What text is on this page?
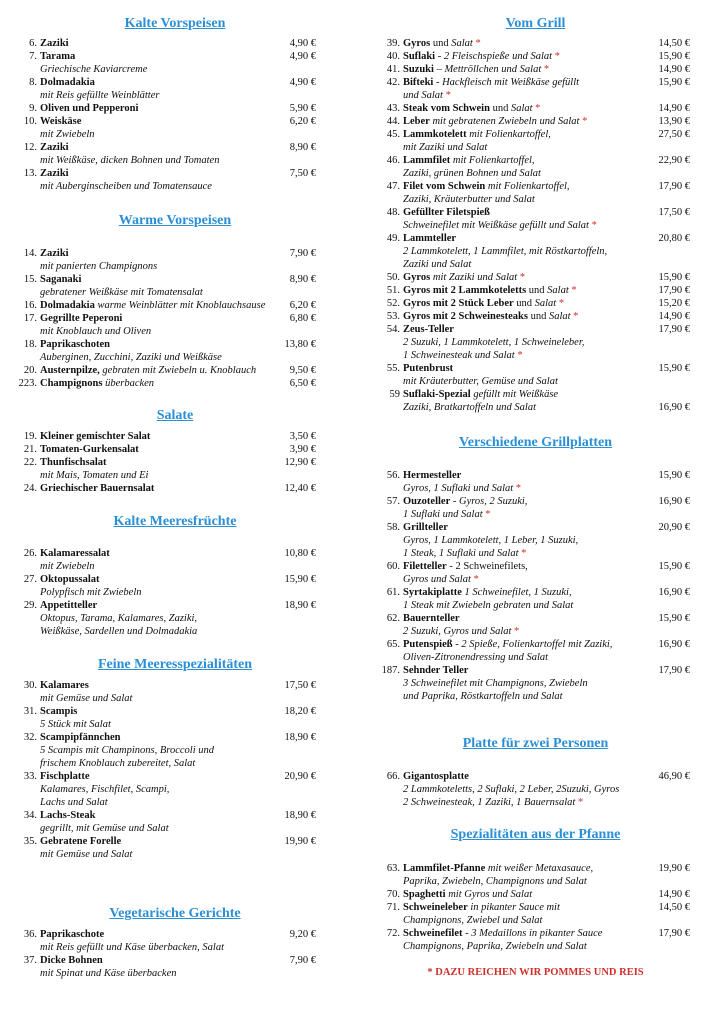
Kalte Vorspeisen
6. Zaziki	4,90 €
7. Tarama	4,90 €
Griechische Kaviarcreme
8. Dolmadakia	4,90 €
mit Reis gefüllte Weinblätter
9. Oliven und Pepperoni	5,90 €
10. Weiskäse	6,20 €
mit Zwiebeln
12. Zaziki	8,90 €
mit Weißkäse, dicken Bohnen und Tomaten
13. Zaziki	7,50 €
mit Auberginscheiben und Tomatensauce
Warme Vorspeisen
14. Zaziki	7,90 €
mit panierten Champignons
15. Saganaki	8,90 €
gebratener Weißkäse mit Tomatensalat
16. Dolmadakia warme Weinblätter mit Knoblauchsause 6,20 €
17. Gegrillte Peperoni	6,80 €
mit Knoblauch und Oliven
18. Paprikaschoten	13,80 €
Auberginen, Zucchini, Zaziki und Weißkäse
20. Austernpilze, gebraten mit Zwiebeln u. Knoblauch	9,50 €
223. Champignons überbacken	6,50 €
Salate
19. Kleiner gemischter Salat	3,50 €
21. Tomaten-Gurkensalat	3,90 €
22. Thunfischsalat	12,90 €
mit Mais, Tomaten und Ei
24. Griechischer Bauernsalat	12,40 €
Kalte Meeresfrüchte
26. Kalamaressalat	10,80 €
mit Zwiebeln
27. Oktopussalat	15,90 €
Polypfisch mit Zwiebeln
29. Appetitteller	18,90 €
Oktopus, Tarama, Kalamares, Zaziki,
Weißkäse, Sardellen und Dolmadakia
Feine Meeresspezialitäten
30. Kalamares	17,50 €
mit Gemüse und Salat
31. Scampis	18,20 €
5 Stück mit Salat
32. Scampipfännchen	18,90 €
5 Scampis mit Champinons, Broccoli und
frischem Knoblauch zubereitet, Salat
33. Fischplatte	20,90 €
Kalamares, Fischfilet, Scampi,
Lachs und Salat
34. Lachs-Steak	18,90 €
gegrillt, mit Gemüse und Salat
35. Gebratene Forelle	19,90 €
mit Gemüse und Salat
Vegetarische Gerichte
36. Paprikaschote	9,20 €
mit Reis gefüllt und Käse überbacken, Salat
37. Dicke Bohnen	7,90 €
mit Spinat und Käse überbacken
Vom Grill
39. Gyros und Salat *	14,50 €
40. Suflaki - 2 Fleischspieße und Salat *	15,90 €
41. Suzuki – Mettröllchen und Salat *	14,90 €
42. Bifteki - Hackfleisch mit Weißkäse gefüllt	15,90 €
und Salat *
43. Steak vom Schwein und Salat *	14,90 €
44. Leber mit gebratenen Zwiebeln und Salat *	13,90 €
45. Lammkotelett mit Folienkartoffel,	27,50 €
mit Zaziki und Salat
46. Lammfilet mit Folienkartoffel,	22,90 €
Zaziki, grünen Bohnen und Salat
47. Filet vom Schwein mit Folienkartoffel,	17,90 €
Zaziki, Kräuterbutter und Salat
48. Gefüllter Filetspieß	17,50 €
Schweinefilet mit Weißkäse gefüllt und Salat *
49. Lammteller	20,80 €
2 Lammkotelett, 1 Lammfilet, mit Röstkartoffeln,
Zaziki und Salat
50. Gyros mit Zaziki und Salat *	15,90 €
51. Gyros mit 2 Lammkoteletts und Salat *	17,90 €
52. Gyros mit 2 Stück Leber und Salat *	15,20 €
53. Gyros mit 2 Schweinesteaks und Salat *	14,90 €
54. Zeus-Teller	17,90 €
2 Suzuki, 1 Lammkotelett, 1 Schweineleber,
1 Schweinesteak und Salat *
55. Putenbrust	15,90 €
mit Kräuterbutter, Gemüse und Salat
59 Suflaki-Spezial gefüllt mit Weißkäse
Zaziki, Bratkartoffeln und Salat	16,90 €
Verschiedene Grillplatten
56. Hermesteller	15,90 €
Gyros, 1 Suflaki und Salat *
57. Ouzoteller - Gyros, 2 Suzuki,	16,90 €
1 Suflaki und Salat *
58. Grillteller	20,90 €
Gyros, 1 Lammkotelett, 1 Leber, 1 Suzuki,
1 Steak, 1 Suflaki und Salat *
60. Filetteller - 2 Schweinefilets,	15,90 €
Gyros und Salat *
61. Syrtakiplatte 1 Schweinefilet, 1 Suzuki,	16,90 €
1 Steak mit Zwiebeln gebraten und Salat
62. Bauernteller	15,90 €
2 Suzuki, Gyros und Salat *
65. Putenspieß - 2 Spieße, Folienkartoffel mit Zaziki,	16,90 €
Oliven-Zitronendressing und Salat
187. Sehnder Teller	17,90 €
3 Schweinefilet mit Champignons, Zwiebeln
und Paprika, Röstkartoffeln und Salat
Platte für zwei Personen
66. Gigantosplatte	46,90 €
2 Lammkoteletts, 2 Suflaki, 2 Leber, 2Suzuki, Gyros
2 Schweinesteak, 1 Zaziki, 1 Bauernsalat *
Spezialitäten aus der Pfanne
63. Lammfilet-Pfanne mit weißer Metaxasauce,	19,90 €
Paprika, Zwiebeln, Champignons und Salat
70. Spaghetti mit Gyros und Salat	14,90 €
71. Schweineleber in pikanter Sauce mit	14,50 €
Champignons, Zwiebel und Salat
72. Schweinefilet - 3 Medaillons in pikanter Sauce	17,90 €
Champignons, Paprika, Zwiebeln und Salat
* DAZU REICHEN WIR POMMES UND REIS
